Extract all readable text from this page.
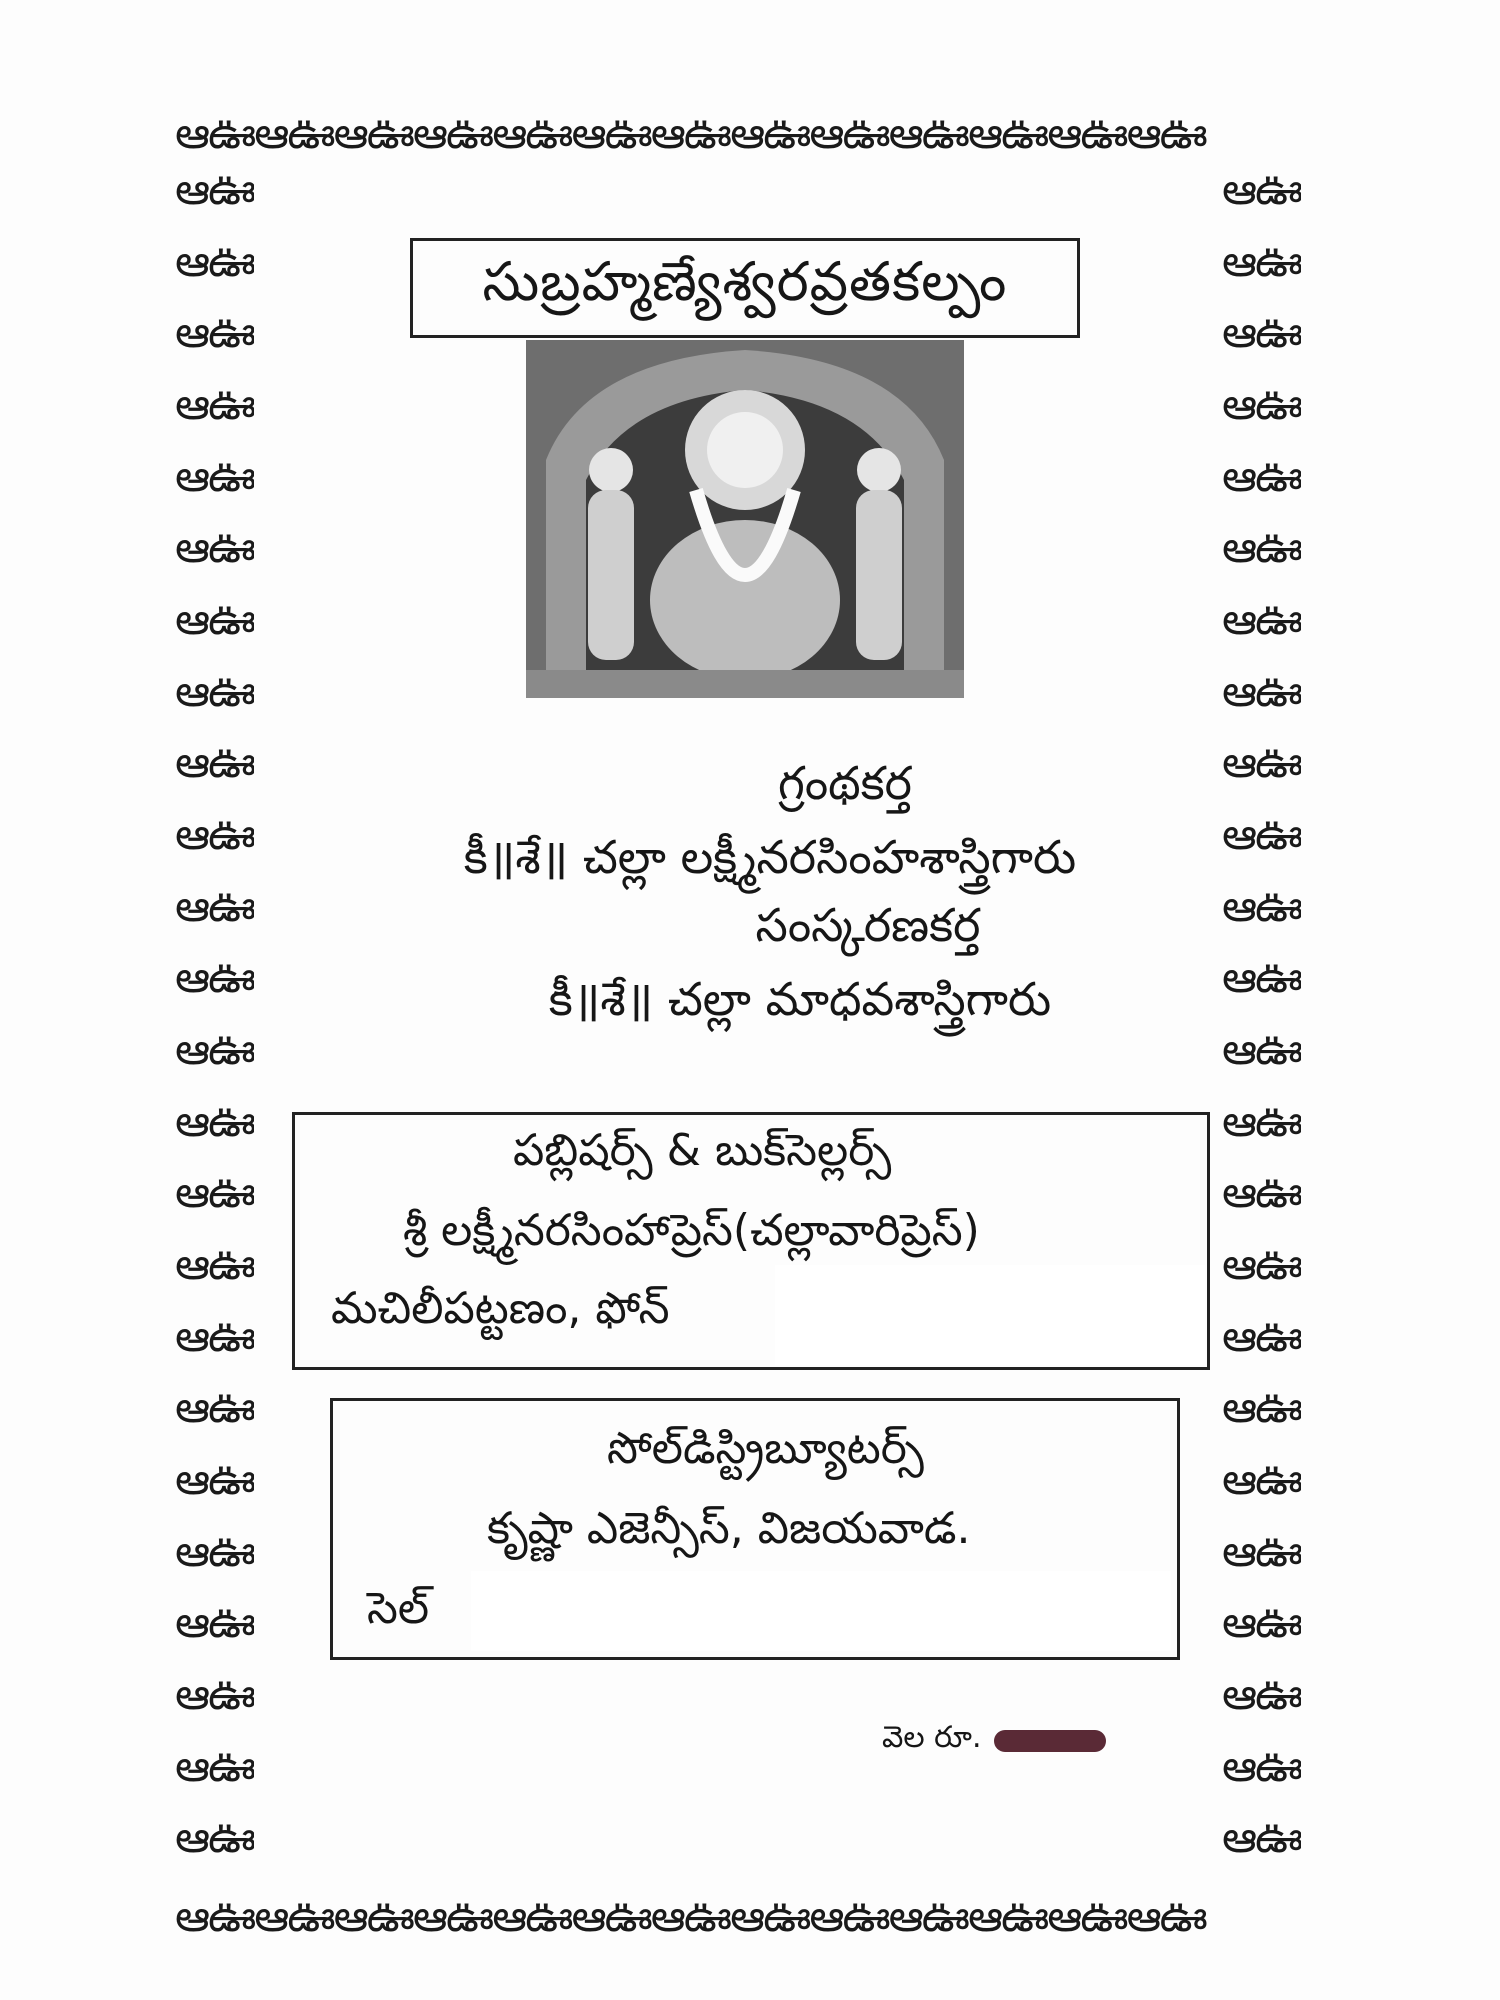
ఆఊఆఊఆఊఆఊఆఊఆఊఆఊఆఊఆఊఆఊఆఊఆఊఆఊ
ఆఊఆఊఆఊఆఊఆఊఆఊఆఊఆఊఆఊఆఊఆఊఆఊఆఊ
ఆఊ
ఆఊ
ఆఊ
ఆఊ
ఆఊ
ఆఊ
ఆఊ
ఆఊ
ఆఊ
ఆఊ
ఆఊ
ఆఊ
ఆఊ
ఆఊ
ఆఊ
ఆఊ
ఆఊ
ఆఊ
ఆఊ
ఆఊ
ఆఊ
ఆఊ
ఆఊ
ఆఊ
ఆఊ
ఆఊ
ఆఊ
ఆఊ
ఆఊ
ఆఊ
ఆఊ
ఆఊ
ఆఊ
ఆఊ
ఆఊ
ఆఊ
ఆఊ
ఆఊ
ఆఊ
ఆఊ
ఆఊ
ఆఊ
ఆఊ
ఆఊ
ఆఊ
ఆఊ
ఆఊ
ఆఊ
సుబ్రహ్మణ్యేశ్వరవ్రతకల్పం
గ్రంథకర్త
కీ॥శే॥ చల్లా లక్ష్మీనరసింహశాస్త్రిగారు
సంస్కరణకర్త
కీ॥శే॥ చల్లా మాధవశాస్త్రిగారు
పబ్లిషర్స్ & బుక్‌సెల్లర్స్
శ్రీ లక్ష్మీనరసింహాప్రెస్(చల్లావారిప్రెస్)
మచిలీపట్టణం, ఫోన్
సోల్‌డిస్ట్రిబ్యూటర్స్
కృష్ణా ఎజెన్సీస్, విజయవాడ.
సెల్
వెల రూ.
